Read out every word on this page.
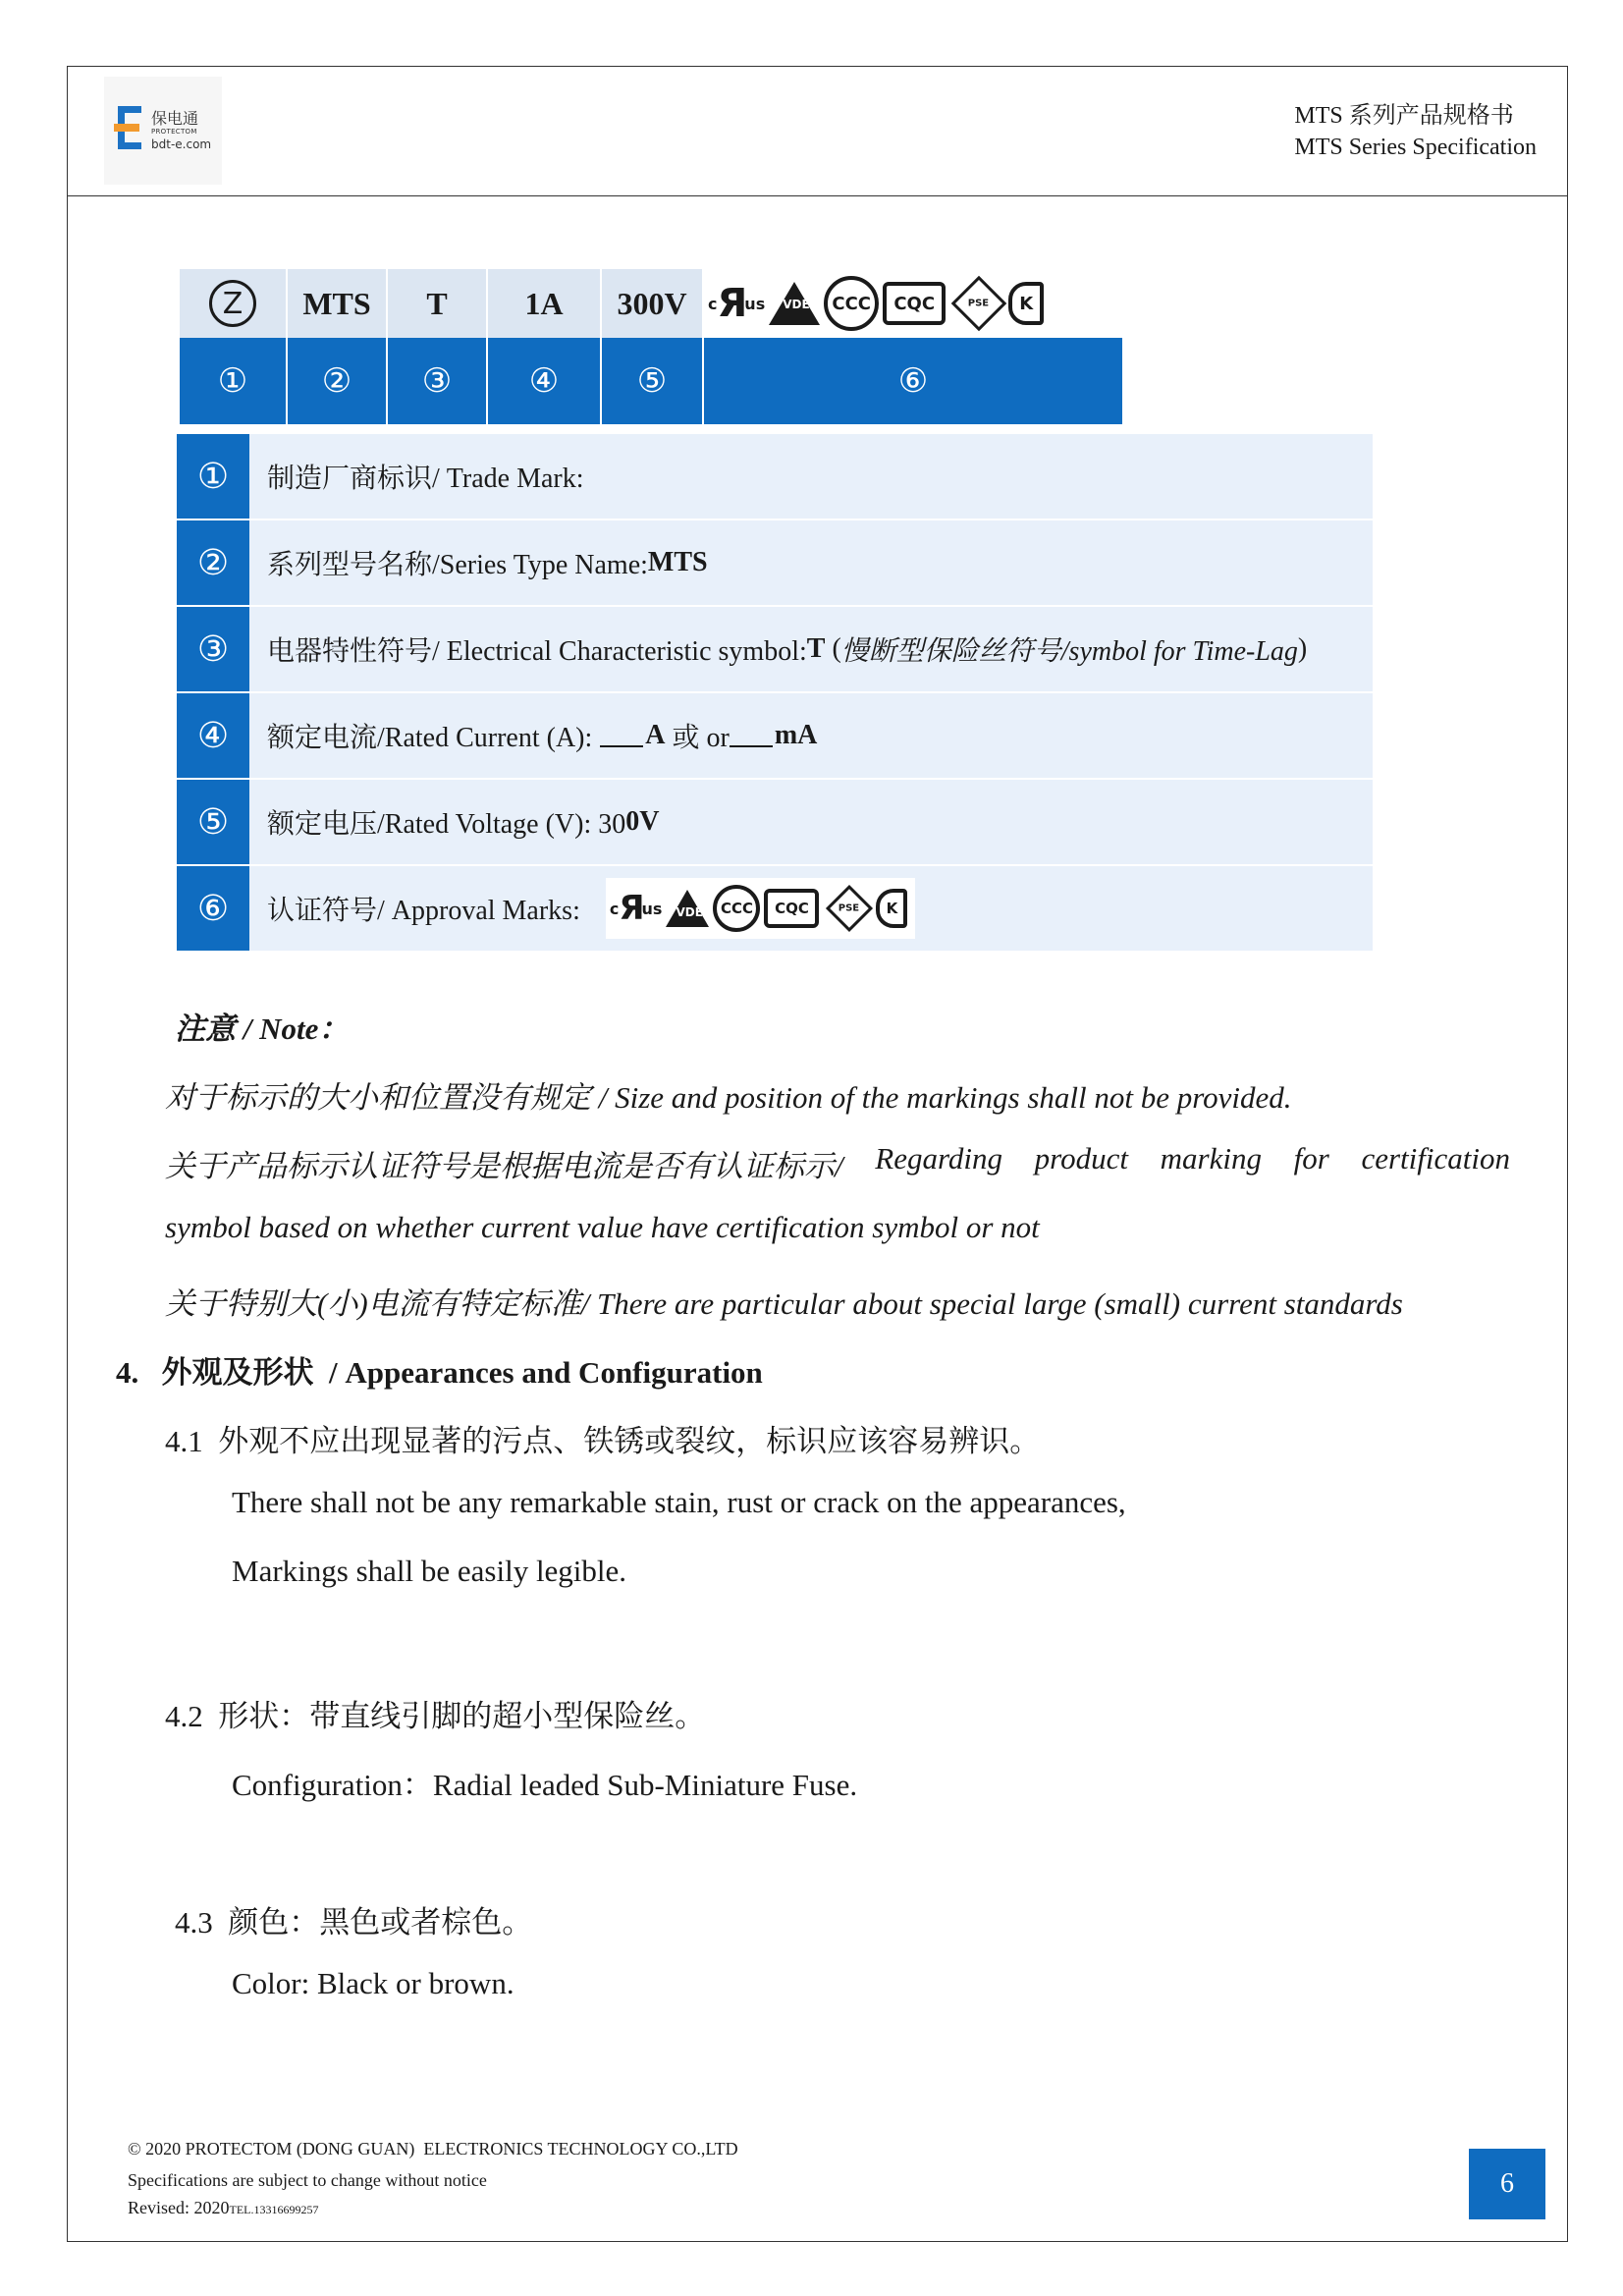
保电通
PROTECTOM
bdt-e.com
MTS 系列产品规格书
MTS Series Specification
Z	MTS	T	1A	300V	c Я us VDE	CCC	CQC	PSE	K
①	②	③	④	⑤	⑥
①	制造厂商标识/ Trade Mark:
②	系列型号名称/Series Type Name: MTS
③	电器特性符号/ Electrical Characteristic symbol: T ( 慢断型保险丝符号/symbol for Time-Lag )
④	额定电流/Rated Current (A): A 或 or mA
⑤	额定电压/Rated Voltage (V): 30 0V
⑥	认证符号/ Approval Marks: c Я us VDE	CCC	CQC	PSE	K
注意 / Note：
对于标示的大小和位置没有规定 / Size and position of the markings shall not be provided.
关于产品标示认证符号是根据电流是否有认证标示/ Regarding product marking for certification
symbol based on whether current value have certification symbol or not
关于特别大(小)电流有特定标准/ There are particular about special large (small) current standards
4.   外观及形状  / Appearances and Configuration
4.1  外观不应出现显著的污点、铁锈或裂纹，标识应该容易辨识。
There shall not be any remarkable stain, rust or crack on the appearances,
Markings shall be easily legible.
4.2  形状：带直线引脚的超小型保险丝。
Configuration：Radial leaded Sub-Miniature Fuse.
4.3  颜色：黑色或者棕色。
Color: Black or brown.
© 2020 PROTECTOM (DONG GUAN)  ELECTRONICS TECHNOLOGY CO.,LTD
Specifications are subject to change without notice
Revised: 2020TEL.13316699257
6
